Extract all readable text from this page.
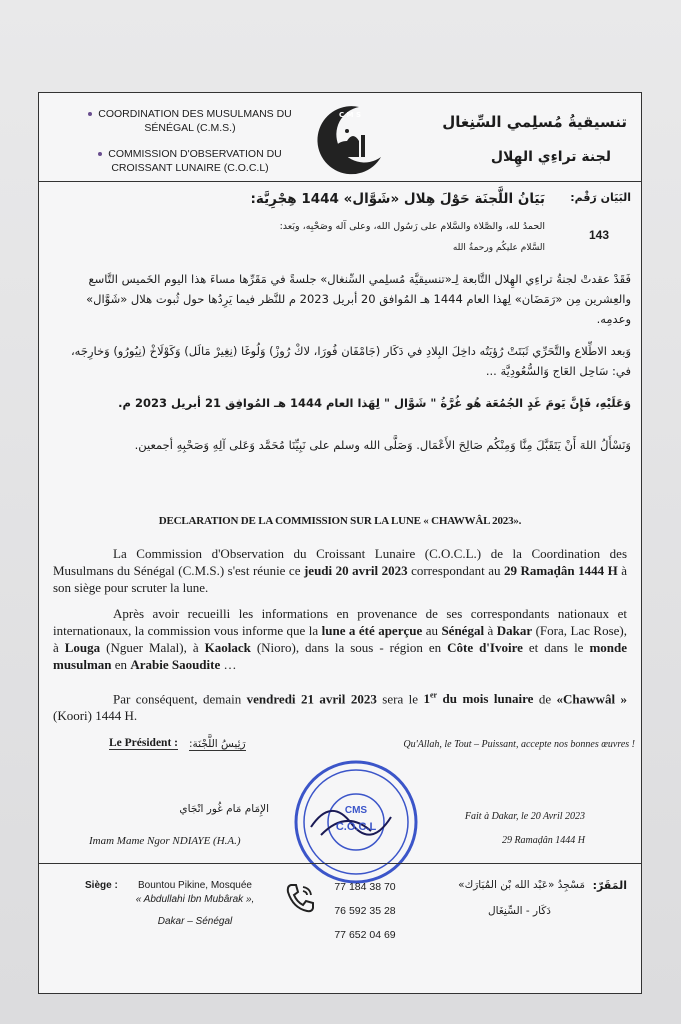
COORDINATION DES MUSULMANS DU
SÉNÉGAL (C.M.S.)
COMMISSION D'OBSERVATION DU
CROISSANT LUNAIRE (C.O.C.L)
C M S	تنسيقيةُ مُسلِمي السِّنِغال
لجنة تراءِي الهِلال
البَيَان رَقْم:
143
بَيَانُ اللَّجنَة حَوْلَ هِلال «شَوَّال» 1444 هِجْرِيَّة:
الحمدُ لله، والصَّلاة والسَّلام على رَسُول الله، وعلى آله وصَحْبِه، وبَعد:
السَّلام عليكُم ورحمةُ الله
فَقَدْ عقدتْ لجنةُ تراءِي الهِلال التَّابعة لِـ«تنسيقيَّة مُسلِمي السِّنغال» جلسةً في مَقَرِّها مساءَ هذا اليوم الخَميس التَّاسع والعِشرين مِن «رَمَضَان» لِهذا العام 1444 هـ المُوافق 20 أبريل 2023 م للنَّظر فيما يَرِدُها حول ثُبوت هلال «شَوَّال» وعدمِه.
وَبعد الاطِّلاع والتَّحَرِّي ثَبَتَتْ رُؤيَتُه داخِلَ البِلادِ في دَكَار (جَامْفَان فُورَا، لاكْ رُوزْ) وَلُوغَا (نِغِيرْ مَالَل) وَكَوْلَاخْ (نِيُورُو) وَخارِجَه، في: سَاحِل العَاج وَالسُّعُودِيَّة ...
وَعَلَيْهِ، فَإِنَّ يَومَ غَدٍ الجُمُعَة هُو غُرَّةُ " شَوَّال " لِهَذا العام 1444 هـ المُوافِق 21 أبريل 2023 م.
وَنَسْأَلُ اللهَ أَنْ يَتَقَبَّلَ مِنَّا وَمِنْكُم صَالِحَ الأَعْمَال. وَصَلَّى الله وسلم على نَبِيِّنَا مُحَمَّد وَعَلى آلِهِ وَصَحْبِهِ أجمعين.
DECLARATION DE LA COMMISSION SUR LA LUNE « CHAWWÂL 2023».
La Commission d'Observation du Croissant Lunaire (C.O.C.L.) de la Coordination des Musulmans du Sénégal (C.M.S.) s'est réunie ce jeudi 20 avril 2023 correspondant au 29 Ramaḍân 1444 H à son siège pour scruter la lune.
Après avoir recueilli les informations en provenance de ses correspondants nationaux et internationaux, la commission vous informe que la lune a été aperçue au Sénégal à Dakar (Fora, Lac Rose), à Louga (Nguer Malal), à Kaolack (Nioro), dans la sous - région en Côte d'Ivoire et dans le monde musulman en Arabie Saoudite …
Par conséquent, demain vendredi 21 avril 2023 sera le 1er du mois lunaire de «Chawwâl » (Koori) 1444 H.
Le Président : رَئِيسُ اللَّجْنَة:	Qu'Allah, le Tout – Puissant, accepte nos bonnes œuvres !
CMS
C.O.C.L
الإِمَام مَام غُور انْجَاي
Imam Mame Ngor NDIAYE (H.A.)
Fait à Dakar, le 20 Avril 2023
29 Ramaḍân 1444 H
Siège :	Bountou Pikine, Mosquée
« Abdullahi Ibn Mubârak »,
Dakar – Sénégal
77 184 38 70
76 592 35 28
77 652 04 69
المَقَرّ:
مَسْجِدُ «عَبْد الله بْن المُبَارَك»
دَكَار - السِّنِغَال
